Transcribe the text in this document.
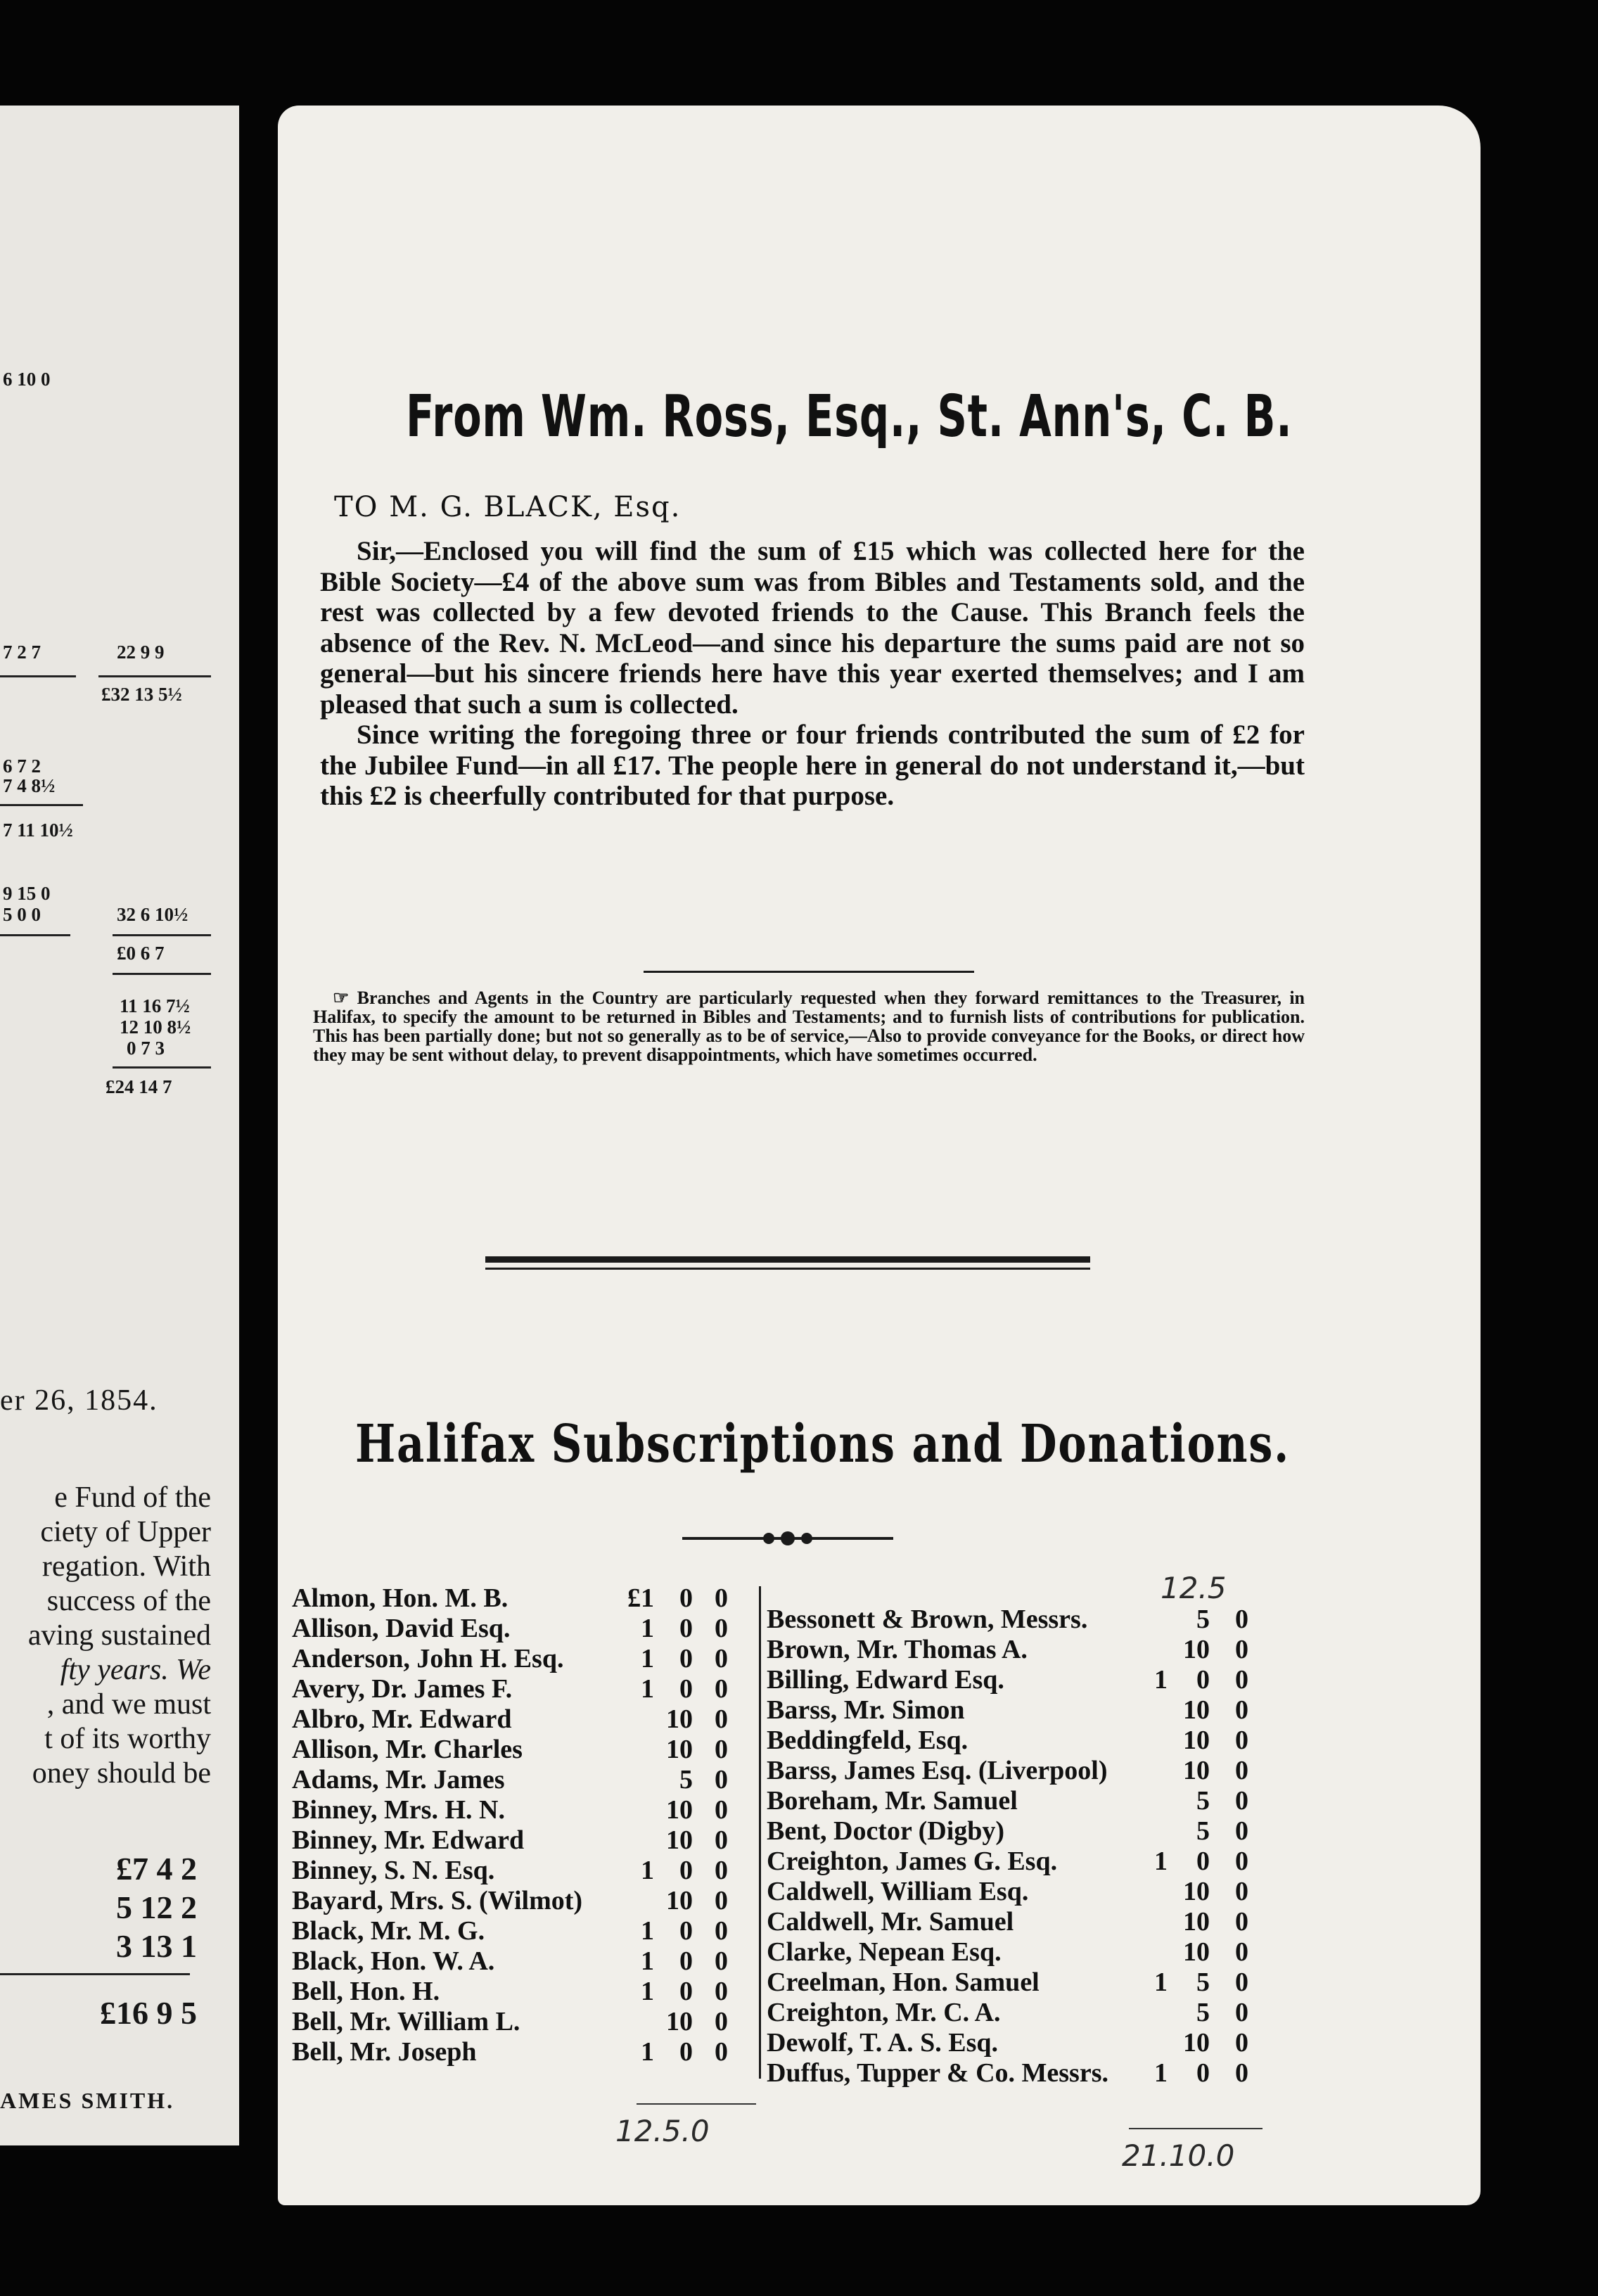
6 10 0
7 2 7	22 9 9
£32 13 5½
6 7 2
7 4 8½
7 11 10½
9 15 0
5 0 0	32 6 10½
£0 6 7
11 16 7½
12 10 8½
0 7 3
£24 14 7
er 26, 1854.
e Fund of the
ciety of Upper
regation. With
success of the
aving sustained
fty years. We
, and we must
t of its worthy
oney should be
£7 4 2
5 12 2
3 13 1
£16 9 5
AMES SMITH.
From Wm. Ross, Esq., St. Ann's, C. B.
TO M. G. BLACK, Esq.

Sir,—Enclosed you will find the sum of £15 which was collected here for the Bible Society—£4 of the above sum was from Bibles and Testaments sold, and the rest was collected by a few devoted friends to the Cause. This Branch feels the absence of the Rev. N. McLeod—and since his departure the sums paid are not so general—but his sincere friends here have this year exerted themselves; and I am pleased that such a sum is collected.

Since writing the foregoing three or four friends contributed the sum of £2 for the Jubilee Fund—in all £17. The people here in general do not understand it,—but this £2 is cheerfully contributed for that purpose.

☞ Branches and Agents in the Country are particularly requested when they forward remittances to the Treasurer, in Halifax, to specify the amount to be returned in Bibles and Testaments; and to furnish lists of contributions for publication. This has been partially done; but not so generally as to be of service,—Also to provide conveyance for the Books, or direct how they may be sent without delay, to prevent disappointments, which have sometimes occurred.

Halifax Subscriptions and Donations.
12.5
Almon, Hon. M. B.	£1 0 0
Allison, David Esq.	1 0 0
Anderson, John H. Esq.	1 0 0
Avery, Dr. James F.	1 0 0
Albro, Mr. Edward	10 0
Allison, Mr. Charles	10 0
Adams, Mr. James	5 0
Binney, Mrs. H. N.	10 0
Binney, Mr. Edward	10 0
Binney, S. N. Esq.	1 0 0
Bayard, Mrs. S. (Wilmot)	10 0
Black, Mr. M. G.	1 0 0
Black, Hon. W. A.	1 0 0
Bell, Hon. H.	1 0 0
Bell, Mr. William L.	10 0
Bell, Mr. Joseph	1 0 0
Bessonett & Brown, Messrs.	5 0
Brown, Mr. Thomas A.	10 0
Billing, Edward Esq.	1	0 0
Barss, Mr. Simon	10 0
Beddingfeld, Esq.	10 0
Barss, James Esq. (Liverpool)	10 0
Boreham, Mr. Samuel	5 0
Bent, Doctor (Digby)	5 0
Creighton, James G. Esq.	1	0 0
Caldwell, William Esq.	10 0
Caldwell, Mr. Samuel	10 0
Clarke, Nepean Esq.	10 0
Creelman, Hon. Samuel	1	5 0
Creighton, Mr. C. A.	5 0
Dewolf, T. A. S. Esq.	10 0
Duffus, Tupper & Co. Messrs.	1	0 0
12.5.0
21.10.0
